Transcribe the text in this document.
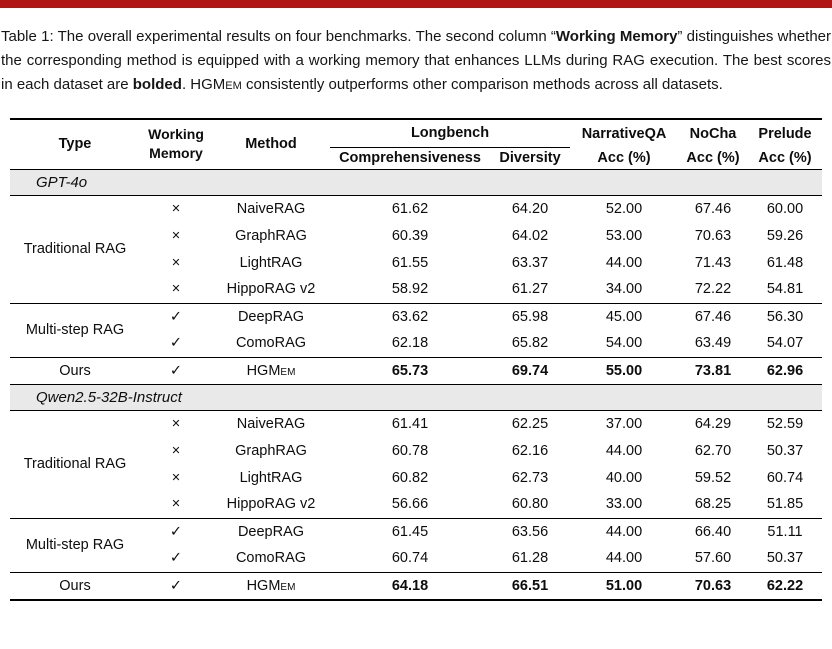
Table 1: The overall experimental results on four benchmarks. The second column “Working Memory” distinguishes whether the corresponding method is equipped with a working memory that enhances LLMs during RAG execution. The best scores in each dataset are bolded. HGMem consistently outperforms other comparison methods across all datasets.

Type	Working Memory	Method	Longbench		NarrativeQA	NoCha	Prelude
			Comprehensiveness	Diversity	Acc (%)	Acc (%)	Acc (%)
GPT-4o							
Traditional RAG	×	NaiveRAG	61.62	64.20	52.00	67.46	60.00
	×	GraphRAG	60.39	64.02	53.00	70.63	59.26
	×	LightRAG	61.55	63.37	44.00	71.43	61.48
	×	HippoRAG v2	58.92	61.27	34.00	72.22	54.81
Multi-step RAG	✓	DeepRAG	63.62	65.98	45.00	67.46	56.30
	✓	ComoRAG	62.18	65.82	54.00	63.49	54.07
Ours	✓	HGMem	65.73	69.74	55.00	73.81	62.96
Qwen2.5-32B-Instruct							
Traditional RAG	×	NaiveRAG	61.41	62.25	37.00	64.29	52.59
	×	GraphRAG	60.78	62.16	44.00	62.70	50.37
	×	LightRAG	60.82	62.73	40.00	59.52	60.74
	×	HippoRAG v2	56.66	60.80	33.00	68.25	51.85
Multi-step RAG	✓	DeepRAG	61.45	63.56	44.00	66.40	51.11
	✓	ComoRAG	60.74	61.28	44.00	57.60	50.37
Ours	✓	HGMem	64.18	66.51	51.00	70.63	62.22
